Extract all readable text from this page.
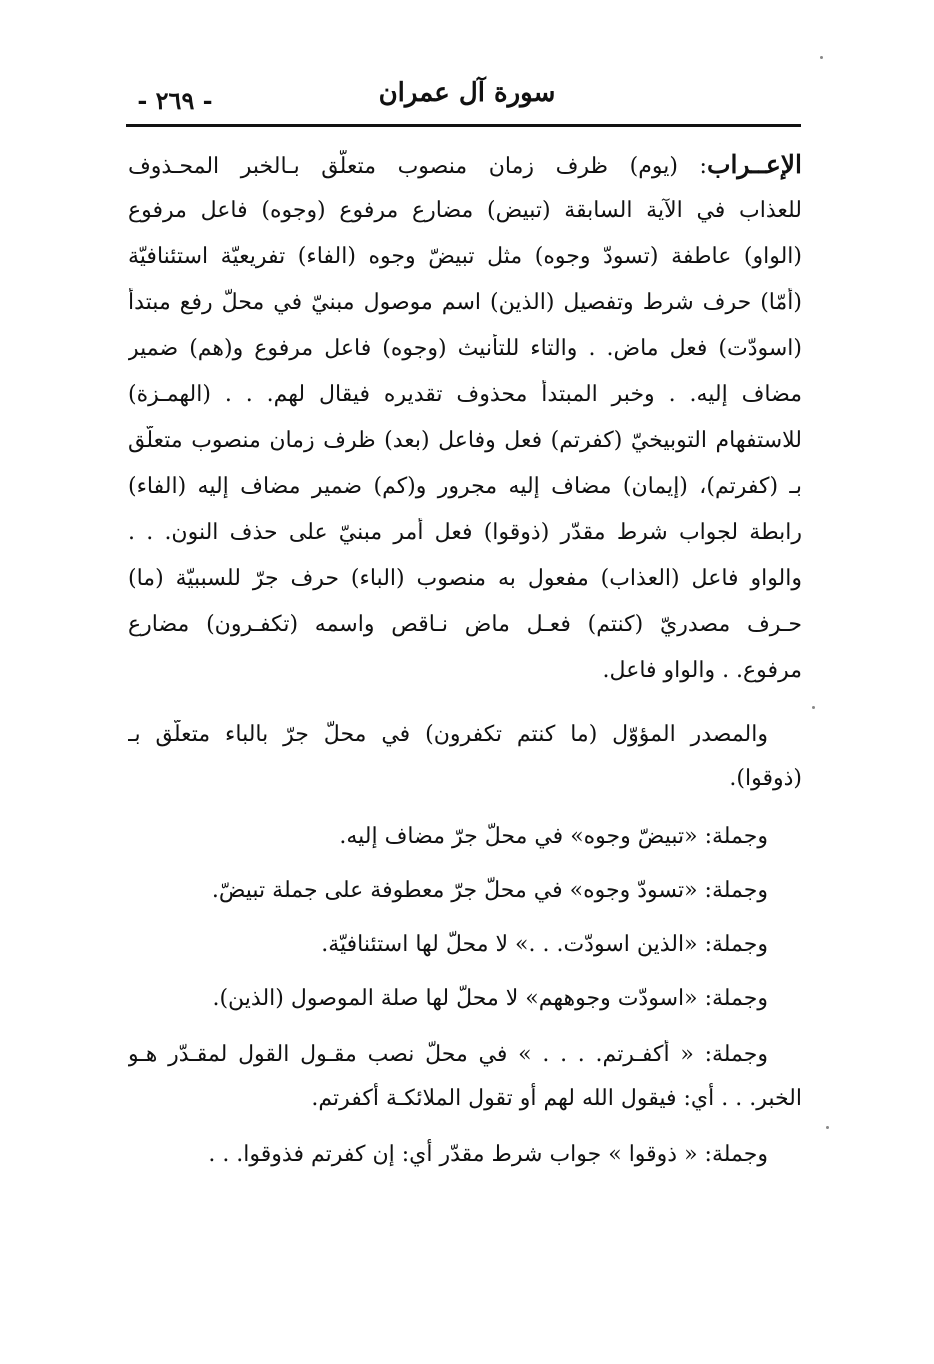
سورة آل عمران
- ٢٦٩ -
الإعــراب: (يوم) ظرف زمان منصوب متعلّق بـالخبر المحـذوف
للعذاب في الآية السابقة (تبيض) مضارع مرفوع (وجوه) فاعل مرفوع
(الواو) عاطفة (تسودّ وجوه) مثل تبيضّ وجوه (الفاء) تفريعيّة استئنافيّة
(أمّا) حرف شرط وتفصيل (الذين) اسم موصول مبنيّ في محلّ رفع مبتدأ
(اسودّت) فعل ماض. . والتاء للتأنيث (وجوه) فاعل مرفوع و(هم) ضمير
مضاف إليه. . وخبر المبتدأ محذوف تقديره فيقال لهم. . . (الهمـزة)
للاستفهام التوبيخيّ (كفرتم) فعل وفاعل (بعد) ظرف زمان منصوب متعلّق
بـ (كفرتم)، (إيمان) مضاف إليه مجرور و(كم) ضمير مضاف إليه (الفاء)
رابطة لجواب شرط مقدّر (ذوقوا) فعل أمر مبنيّ على حذف النون. . .
والواو فاعل (العذاب) مفعول به منصوب (الباء) حرف جرّ للسببيّة (ما)
حـرف مصدريّ (كنتم) فعـل ماض نـاقص واسمه (تكفـرون) مضارع
مرفوع. . والواو فاعل.
والمصدر المؤوّل (ما كنتم تكفرون) في محلّ جرّ بالباء متعلّق بـ
(ذوقوا).
وجملة: «تبيضّ وجوه» في محلّ جرّ مضاف إليه.
وجملة: «تسودّ وجوه» في محلّ جرّ معطوفة على جملة تبيضّ.
وجملة: «الذين اسودّت. . .» لا محلّ لها استئنافيّة.
وجملة: «اسودّت وجوههم» لا محلّ لها صلة الموصول (الذين).
وجملة: « أكفـرتم. . . . » في محلّ نصب مقـول القول لمقـدّر هـو
الخبر. . . أي: فيقول الله لهم أو تقول الملائكـة أكفرتم.
وجملة: « ذوقوا » جواب شرط مقدّر أي: إن كفرتم فذوقوا. . .
